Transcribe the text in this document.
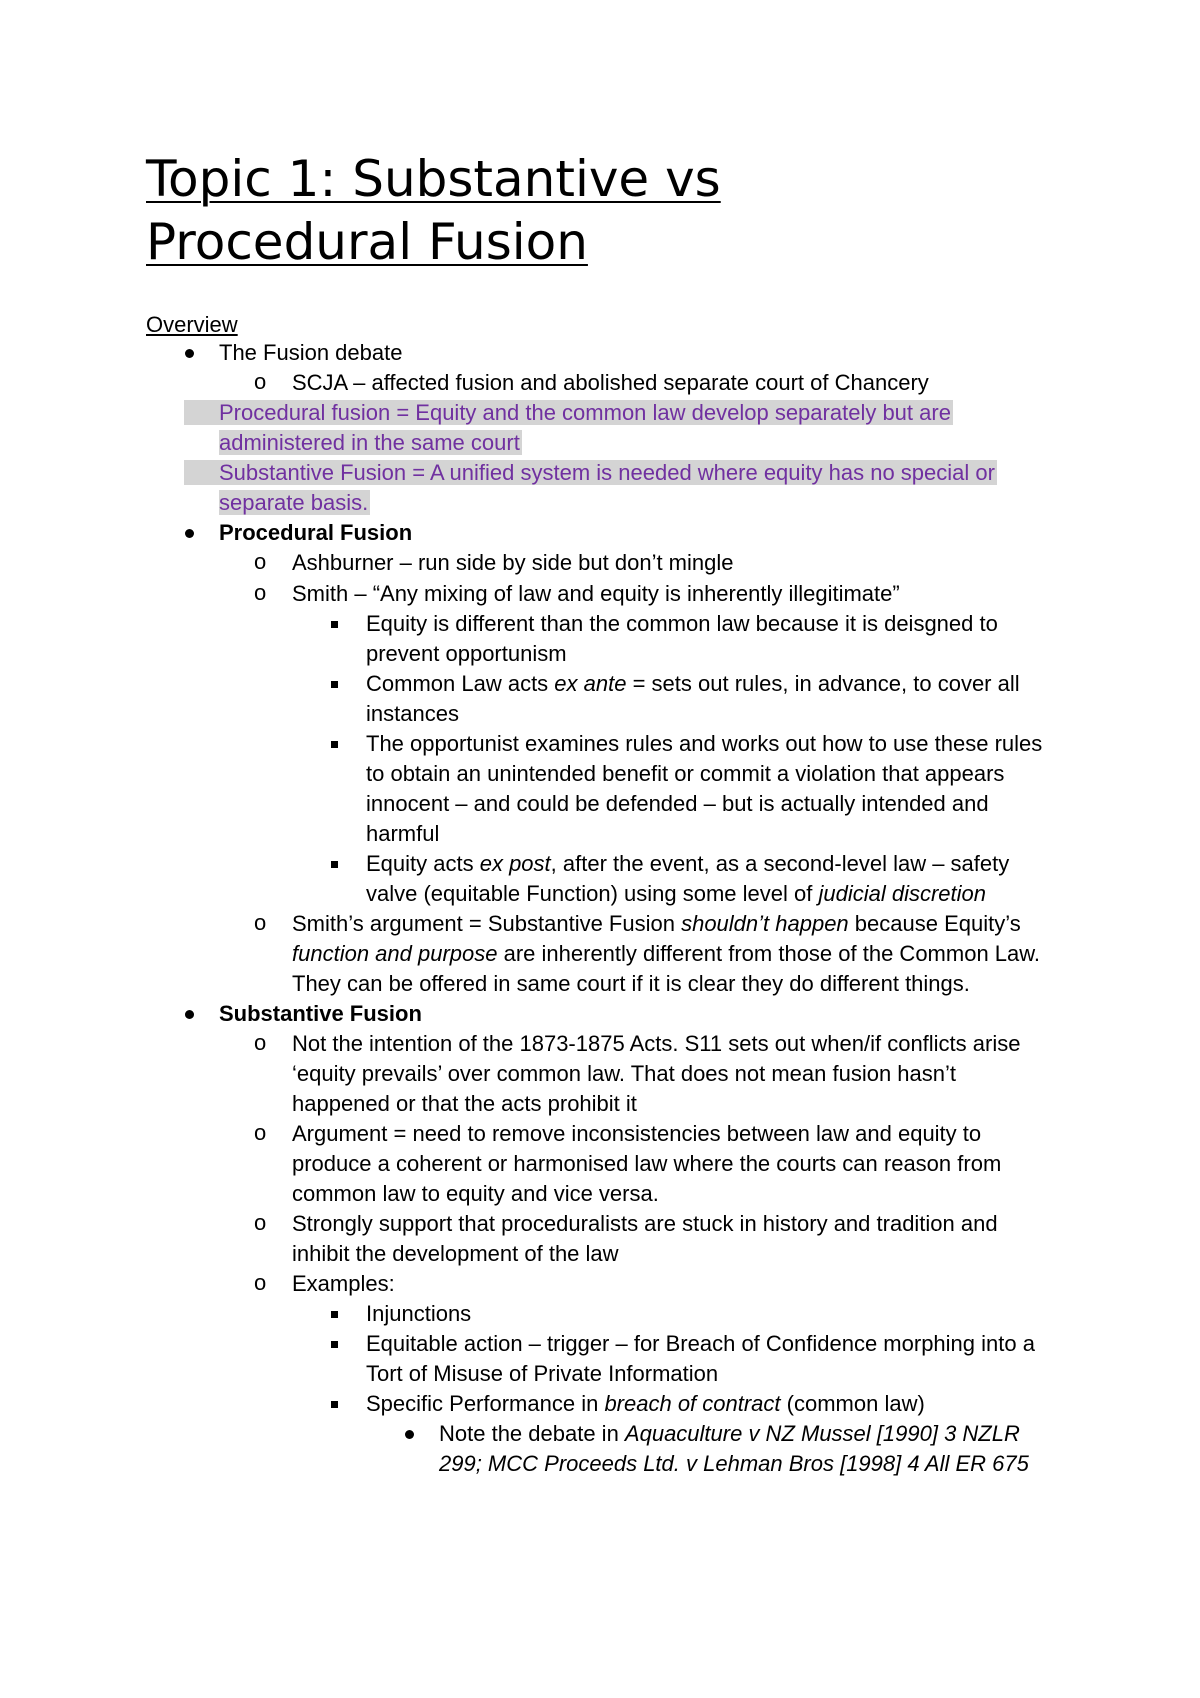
Topic 1: Substantive vs
Procedural Fusion
Overview
The Fusion debate
o SCJA – affected fusion and abolished separate court of Chancery
Procedural fusion = Equity and the common law develop separately but are
administered in the same court
Substantive Fusion = A unified system is needed where equity has no special or
separate basis.
Procedural Fusion
o Ashburner – run side by side but don’t mingle
o Smith – “Any mixing of law and equity is inherently illegitimate”
Equity is different than the common law because it is deisgned to
prevent opportunism
Common Law acts ex ante = sets out rules, in advance, to cover all
instances
The opportunist examines rules and works out how to use these rules
to obtain an unintended benefit or commit a violation that appears
innocent – and could be defended – but is actually intended and
harmful
Equity acts ex post, after the event, as a second-level law – safety
valve (equitable Function) using some level of judicial discretion
o Smith’s argument = Substantive Fusion shouldn’t happen because Equity’s
function and purpose are inherently different from those of the Common Law.
They can be offered in same court if it is clear they do different things.
Substantive Fusion
o Not the intention of the 1873-1875 Acts. S11 sets out when/if conflicts arise
‘equity prevails’ over common law. That does not mean fusion hasn’t
happened or that the acts prohibit it
o Argument = need to remove inconsistencies between law and equity to
produce a coherent or harmonised law where the courts can reason from
common law to equity and vice versa.
o Strongly support that proceduralists are stuck in history and tradition and
inhibit the development of the law
o Examples:
Injunctions
Equitable action – trigger – for Breach of Confidence morphing into a
Tort of Misuse of Private Information
Specific Performance in breach of contract (common law)
Note the debate in Aquaculture v NZ Mussel [1990] 3 NZLR
299; MCC Proceeds Ltd. v Lehman Bros [1998] 4 All ER 675
